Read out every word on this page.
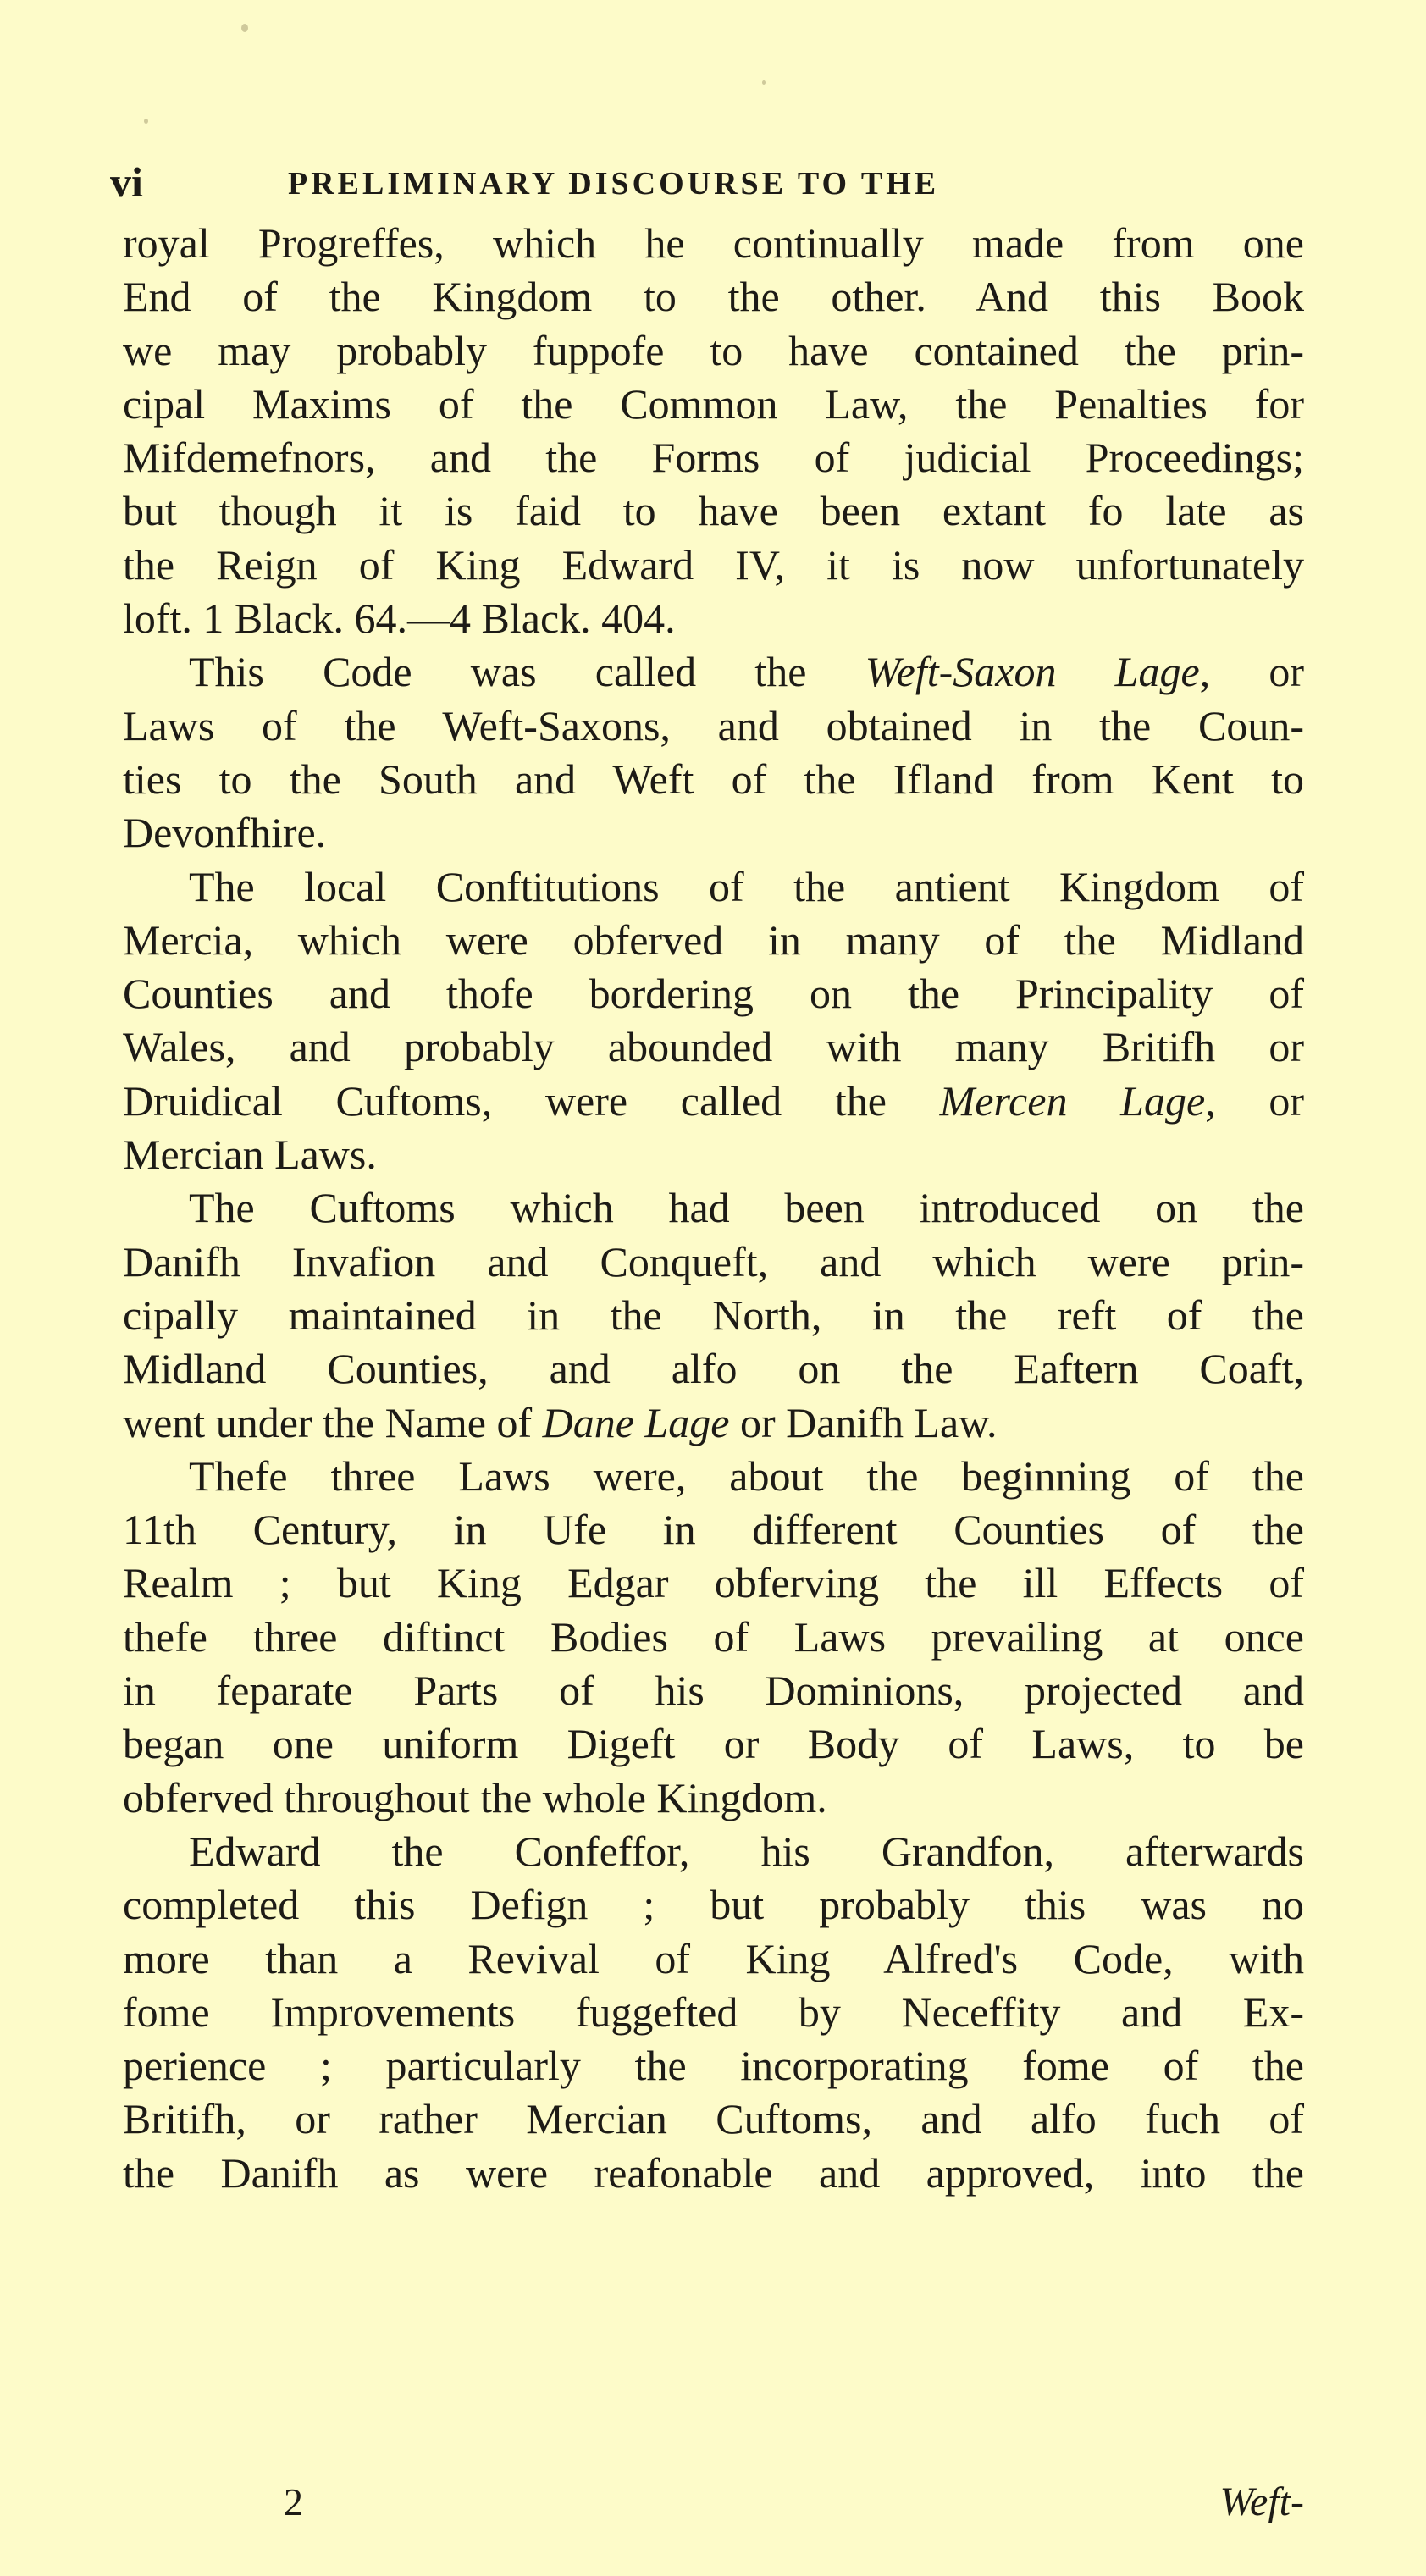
vi	PRELIMINARY DISCOURSE TO THE
royal Progreffes, which he continually made from one
End of the Kingdom to the other. And this Book
we may probably fuppofe to have contained the prin-
cipal Maxims of the Common Law, the Penalties for
Mifdemefnors, and the Forms of judicial Proceedings;
but though it is faid to have been extant fo late as
the Reign of King Edward IV, it is now unfortunately
loft. 1 Black. 64.—4 Black. 404.
This Code was called the Weft-Saxon Lage, or
Laws of the Weft-Saxons, and obtained in the Coun-
ties to the South and Weft of the Ifland from Kent to
Devonfhire.
The local Conftitutions of the antient Kingdom of
Mercia, which were obferved in many of the Midland
Counties and thofe bordering on the Principality of
Wales, and probably abounded with many Britifh or
Druidical Cuftoms, were called the Mercen Lage, or
Mercian Laws.
The Cuftoms which had been introduced on the
Danifh Invafion and Conqueft, and which were prin-
cipally maintained in the North, in the reft of the
Midland Counties, and alfo on the Eaftern Coaft,
went under the Name of Dane Lage or Danifh Law.
Thefe three Laws were, about the beginning of the
11th Century, in Ufe in different Counties of the
Realm ; but King Edgar obferving the ill Effects of
thefe three diftinct Bodies of Laws prevailing at once
in feparate Parts of his Dominions, projected and
began one uniform Digeft or Body of Laws, to be
obferved throughout the whole Kingdom.
Edward the Confeffor, his Grandfon, afterwards
completed this Defign ; but probably this was no
more than a Revival of King Alfred's Code, with
fome Improvements fuggefted by Neceffity and Ex-
perience ; particularly the incorporating fome of the
Britifh, or rather Mercian Cuftoms, and alfo fuch of
the Danifh as were reafonable and approved, into the
2	Weft-
